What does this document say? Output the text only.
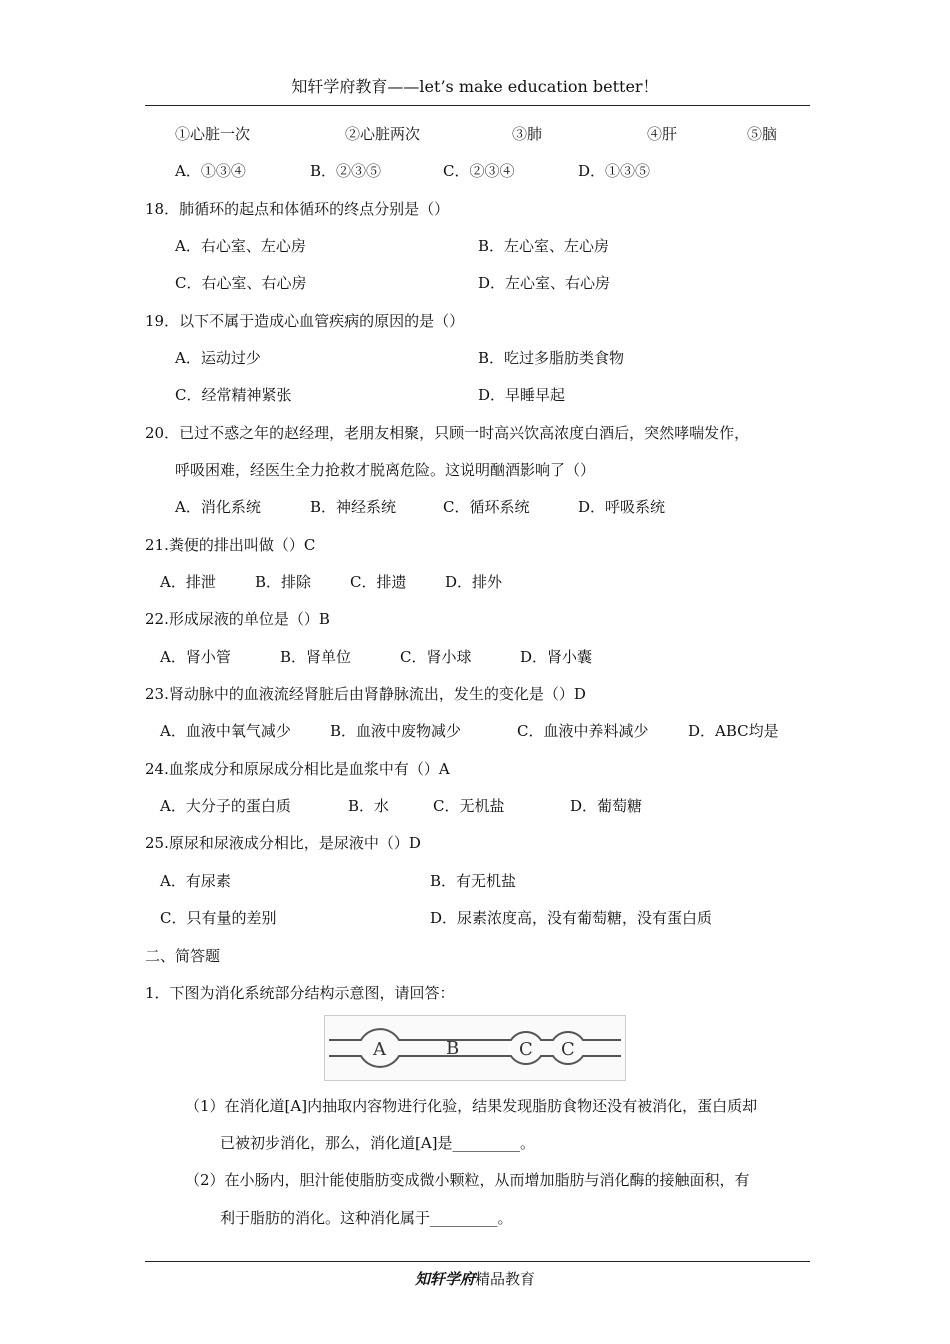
知轩学府教育——let’s make education better！
①心脏一次	②心脏两次	③肺	④肝	⑤脑
A．①③④	B．②③⑤	C．②③④	D．①③⑤
18．肺循环的起点和体循环的终点分别是（）
A．右心室、左心房	B．左心室、左心房
C．右心室、右心房	D．左心室、右心房
19．以下不属于造成心血管疾病的原因的是（）
A．运动过少	B．吃过多脂肪类食物
C．经常精神紧张	D．早睡早起
20．已过不惑之年的赵经理，老朋友相聚，只顾一时高兴饮高浓度白酒后，突然哮喘发作，
呼吸困难，经医生全力抢救才脱离危险。这说明酗酒影响了（）
A．消化系统	B．神经系统	C．循环系统	D．呼吸系统
21.粪便的排出叫做（）C
A．排泄	B．排除	C．排遗	D．排外
22.形成尿液的单位是（）B
A．肾小管	B．肾单位	C．肾小球	D．肾小囊
23.肾动脉中的血液流经肾脏后由肾静脉流出，发生的变化是（）D
A．血液中氧气减少	B．血液中废物减少	C．血液中养料减少	D．ABC均是
24.血浆成分和原尿成分相比是血浆中有（）A
A．大分子的蛋白质	B．水	C．无机盐	D．葡萄糖
25.原尿和尿液成分相比，是尿液中（）D
A．有尿素	B．有无机盐
C．只有量的差别	D．尿素浓度高，没有葡萄糖，没有蛋白质
二、简答题
1．下图为消化系统部分结构示意图，请回答：
（1）在消化道[A]内抽取内容物进行化验，结果发现脂肪食物还没有被消化，蛋白质却
已被初步消化，那么，消化道[A]是_________。
（2）在小肠内，胆汁能使脂肪变成微小颗粒，从而增加脂肪与消化酶的接触面积，有
利于脂肪的消化。这种消化属于_________。
A	B	C C
知轩学府精品教育
